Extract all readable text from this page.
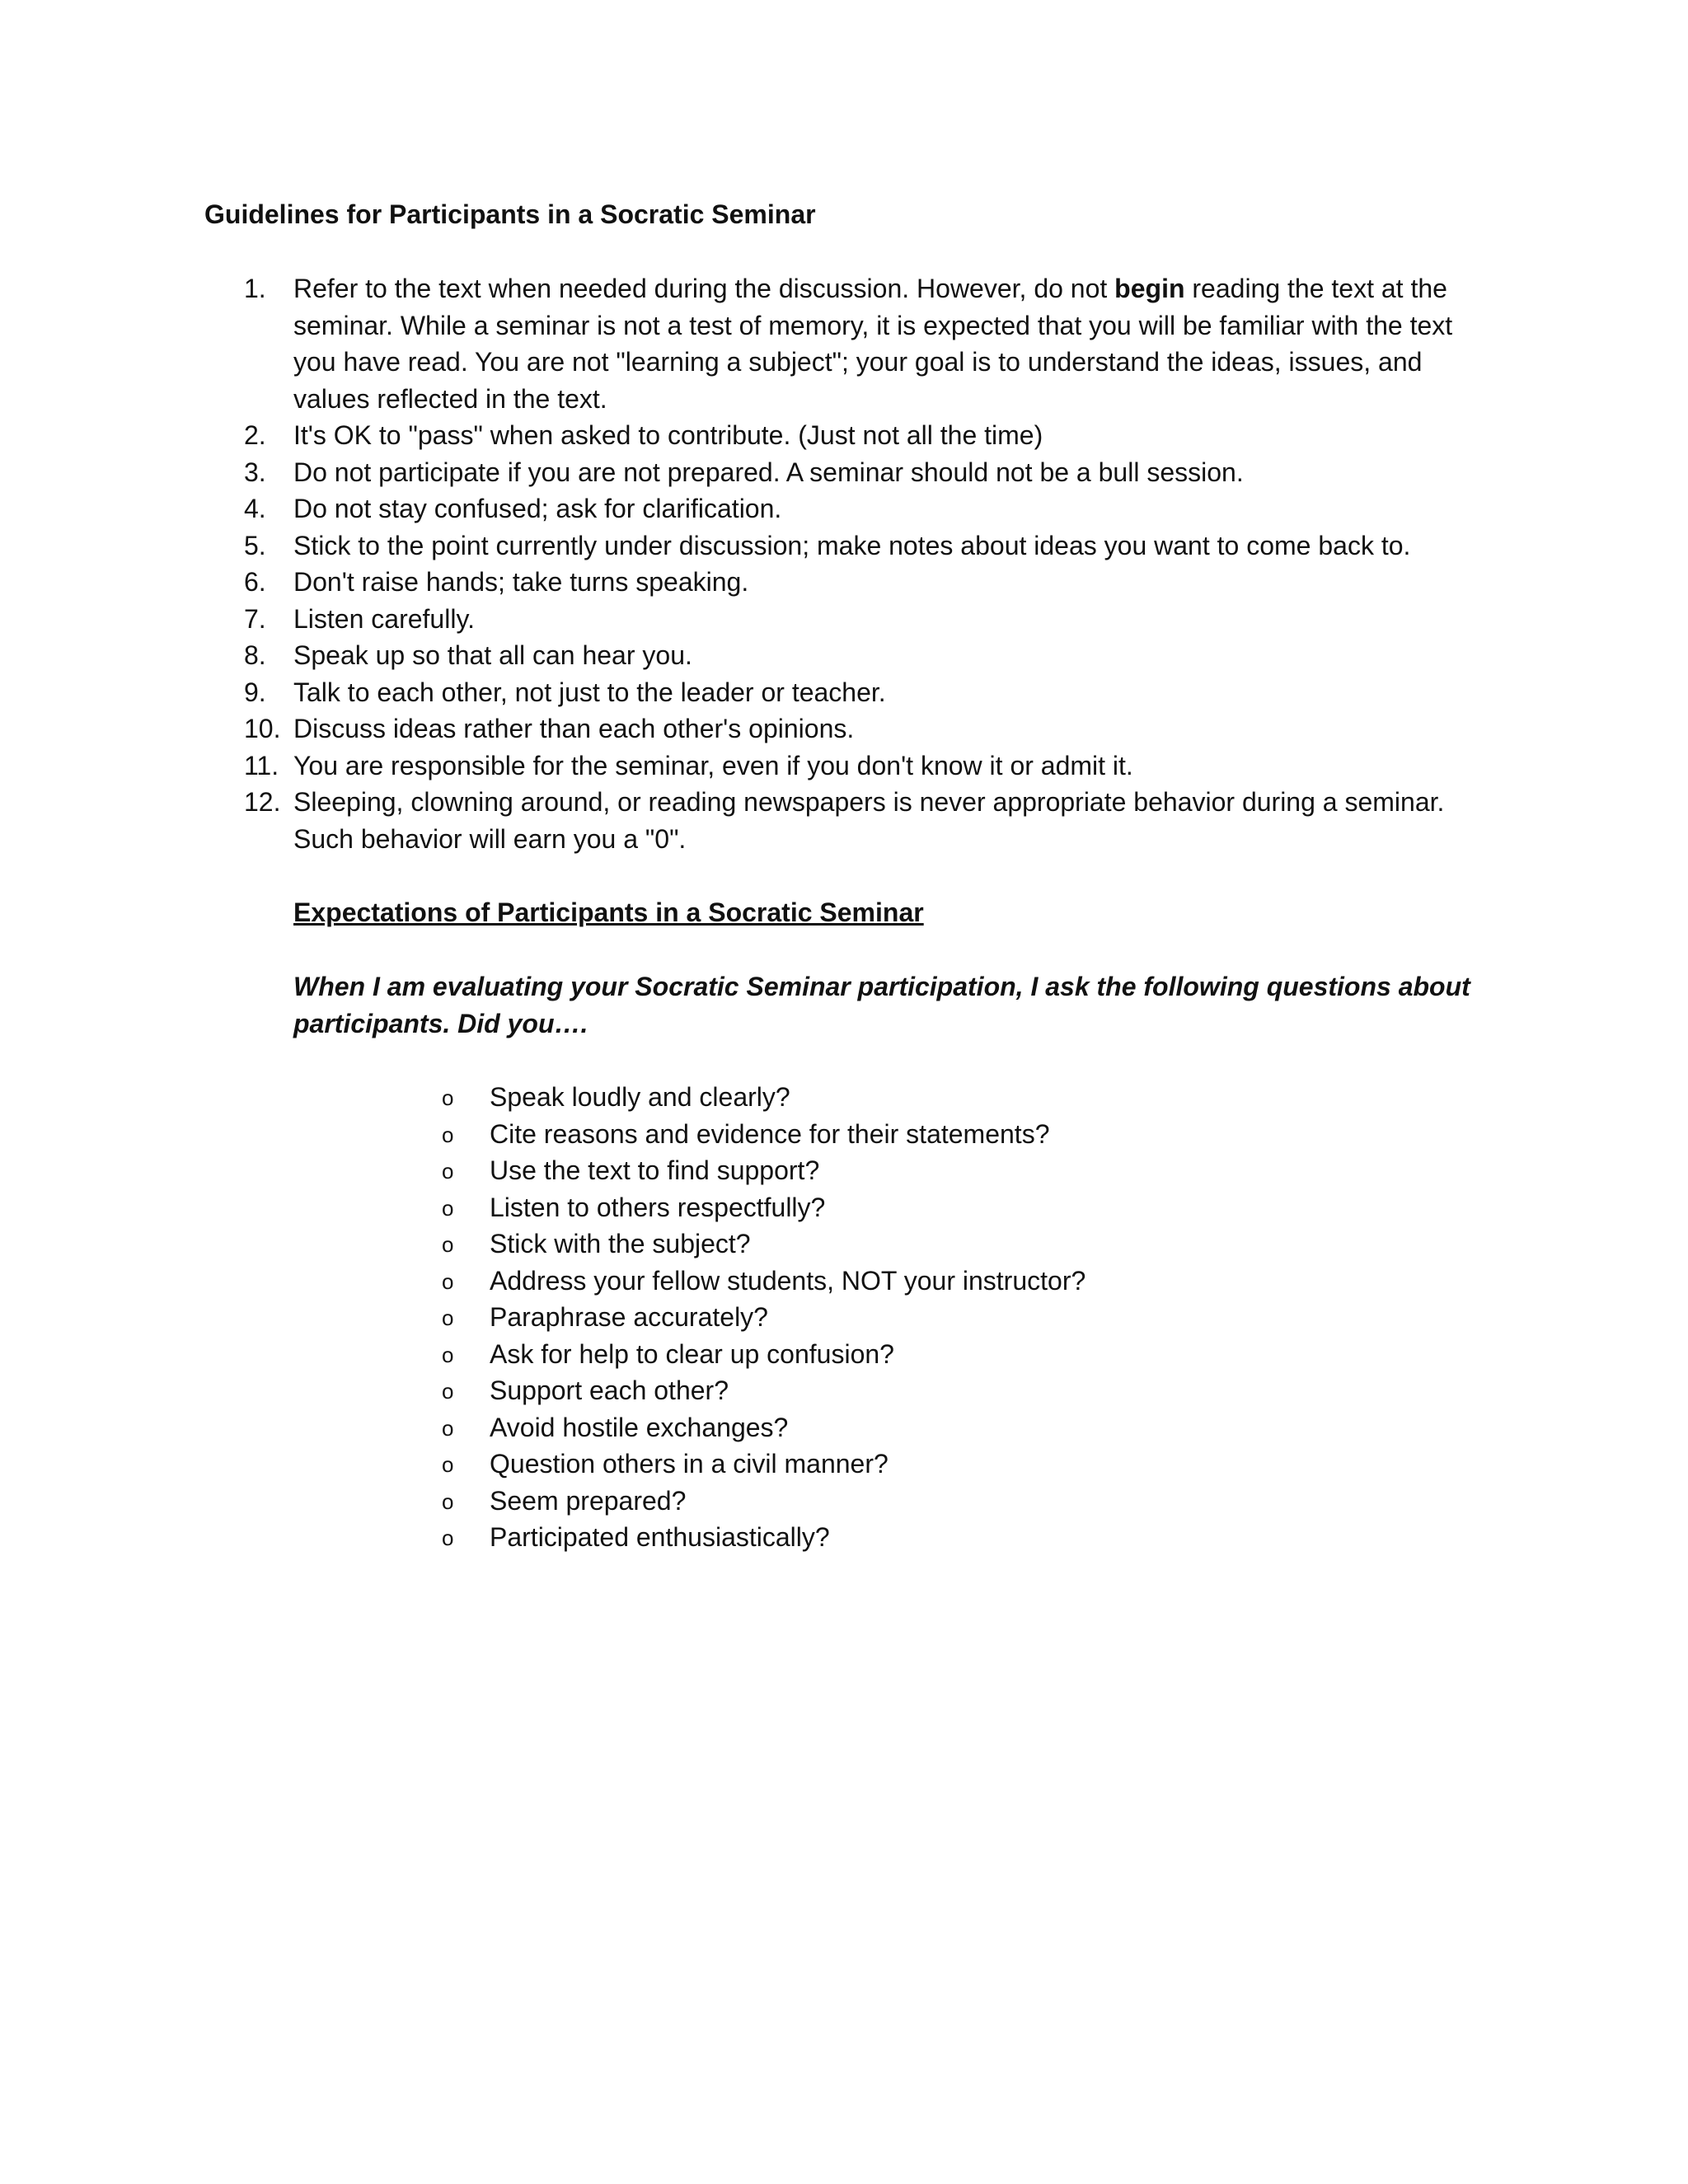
Guidelines for Participants in a Socratic Seminar
1.	Refer to the text when needed during the discussion. However, do not begin reading the text at the seminar. While a seminar is not a test of memory, it is expected that you will be familiar with the text you have read. You are not "learning a subject"; your goal is to understand the ideas, issues, and values reflected in the text.
2.	It's OK to "pass" when asked to contribute. (Just not all the time)
3.	Do not participate if you are not prepared. A seminar should not be a bull session.
4.	Do not stay confused; ask for clarification.
5.	Stick to the point currently under discussion; make notes about ideas you want to come back to.
6.	Don't raise hands; take turns speaking.
7.	Listen carefully.
8.	Speak up so that all can hear you.
9.	Talk to each other, not just to the leader or teacher.
10. Discuss ideas rather than each other's opinions.
11. You are responsible for the seminar, even if you don't know it or admit it.
12. Sleeping, clowning around, or reading newspapers is never appropriate behavior during a seminar. Such behavior will earn you a "0".
Expectations of Participants in a Socratic Seminar
When I am evaluating your Socratic Seminar participation, I ask the following questions about participants. Did you….
o Speak loudly and clearly?
o Cite reasons and evidence for their statements?
o Use the text to find support?
o Listen to others respectfully?
o Stick with the subject?
o Address your fellow students, NOT your instructor?
o Paraphrase accurately?
o Ask for help to clear up confusion?
o Support each other?
o Avoid hostile exchanges?
o Question others in a civil manner?
o Seem prepared?
o Participated enthusiastically?
